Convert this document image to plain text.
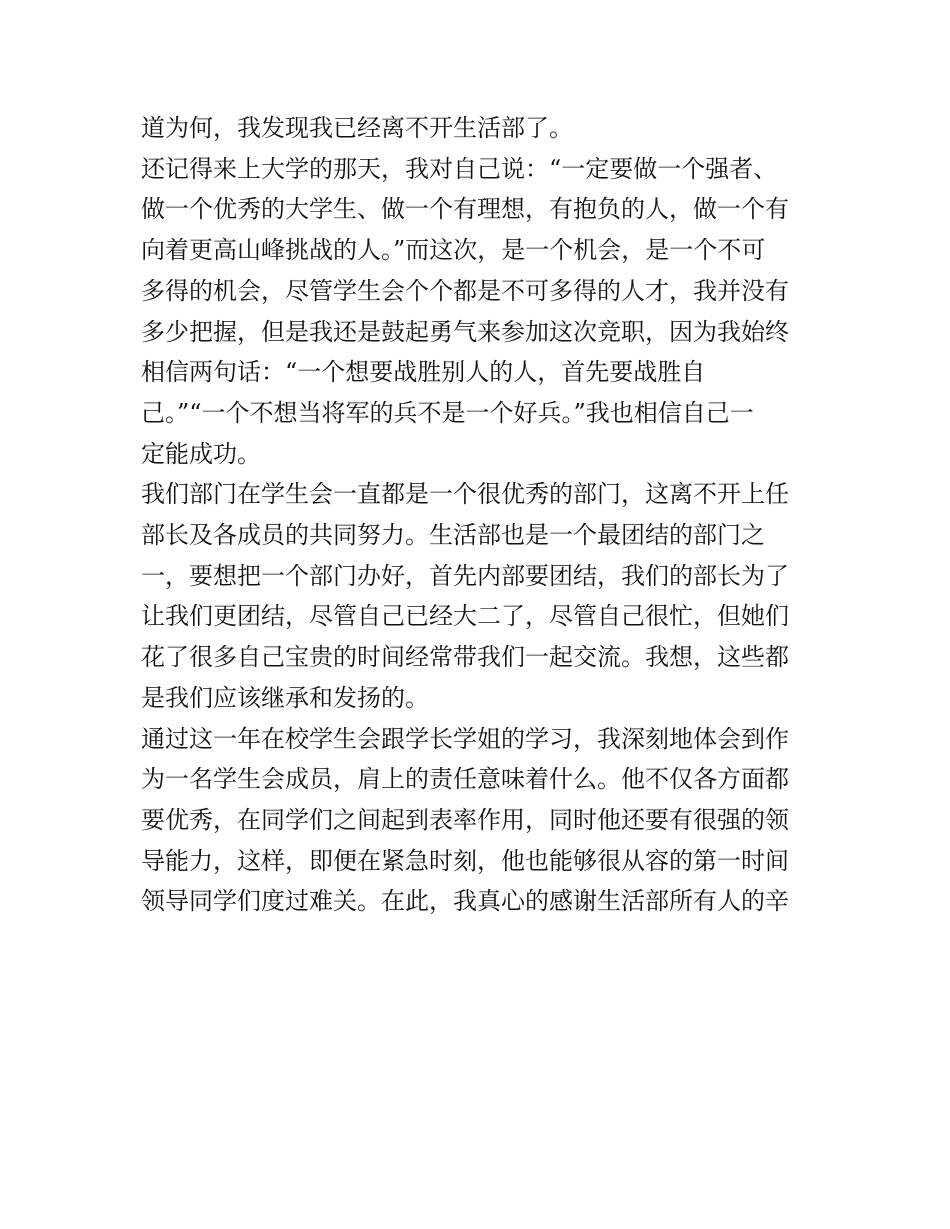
道为何，我发现我已经离不开生活部了。

还记得来上大学的那天，我对自己说：“一定要做一个强者、

做一个优秀的大学生、做一个有理想，有抱负的人，做一个有

向着更高山峰挑战的人。”而这次，是一个机会，是一个不可

多得的机会，尽管学生会个个都是不可多得的人才，我并没有

多少把握，但是我还是鼓起勇气来参加这次竞职，因为我始终

相信两句话：“一个想要战胜别人的人，首先要战胜自

己。”“一个不想当将军的兵不是一个好兵。”我也相信自己一

定能成功。

我们部门在学生会一直都是一个很优秀的部门，这离不开上任

部长及各成员的共同努力。生活部也是一个最团结的部门之

一，要想把一个部门办好，首先内部要团结，我们的部长为了

让我们更团结，尽管自己已经大二了，尽管自己很忙，但她们

花了很多自己宝贵的时间经常带我们一起交流。我想，这些都

是我们应该继承和发扬的。

通过这一年在校学生会跟学长学姐的学习，我深刻地体会到作

为一名学生会成员，肩上的责任意味着什么。他不仅各方面都

要优秀，在同学们之间起到表率作用，同时他还要有很强的领

导能力，这样，即便在紧急时刻，他也能够很从容的第一时间

领导同学们度过难关。在此，我真心的感谢生活部所有人的辛
